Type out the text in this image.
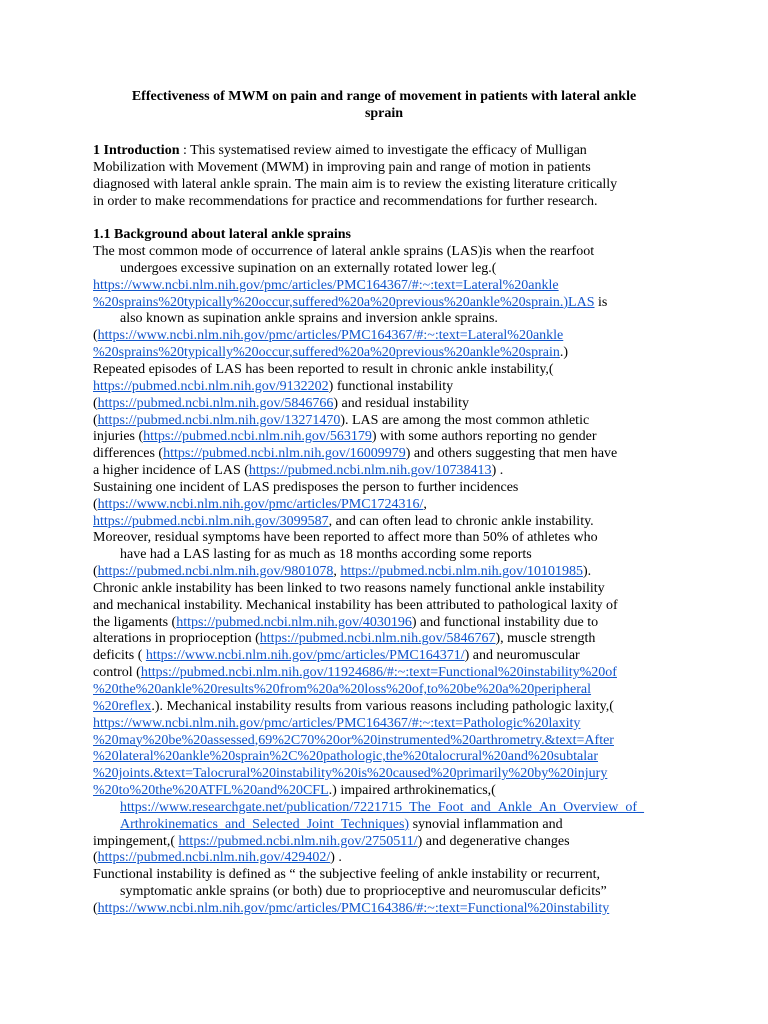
Effectiveness of MWM on pain and range of movement in patients with lateral ankle
sprain
1 Introduction : This systematised review aimed to investigate the efficacy of Mulligan
Mobilization with Movement (MWM) in improving pain and range of motion in patients
diagnosed with lateral ankle sprain. The main aim is to review the existing literature critically
in order to make recommendations for practice and recommendations for further research.
1.1 Background about lateral ankle sprains
The most common mode of occurrence of lateral ankle sprains (LAS)is when the rearfoot
undergoes excessive supination on an externally rotated lower leg.(
https://www.ncbi.nlm.nih.gov/pmc/articles/PMC164367/#:~:text=Lateral%20ankle
%20sprains%20typically%20occur,suffered%20a%20previous%20ankle%20sprain.)LAS is
also known as supination ankle sprains and inversion ankle sprains.
(https://www.ncbi.nlm.nih.gov/pmc/articles/PMC164367/#:~:text=Lateral%20ankle
%20sprains%20typically%20occur,suffered%20a%20previous%20ankle%20sprain.)
Repeated episodes of LAS has been reported to result in chronic ankle instability,(
https://pubmed.ncbi.nlm.nih.gov/9132202) functional instability
(https://pubmed.ncbi.nlm.nih.gov/5846766) and residual instability
(https://pubmed.ncbi.nlm.nih.gov/13271470). LAS are among the most common athletic
injuries (https://pubmed.ncbi.nlm.nih.gov/563179) with some authors reporting no gender
differences (https://pubmed.ncbi.nlm.nih.gov/16009979) and others suggesting that men have
a higher incidence of LAS (https://pubmed.ncbi.nlm.nih.gov/10738413) .
Sustaining one incident of LAS predisposes the person to further incidences
(https://www.ncbi.nlm.nih.gov/pmc/articles/PMC1724316/,
https://pubmed.ncbi.nlm.nih.gov/3099587, and can often lead to chronic ankle instability.
Moreover, residual symptoms have been reported to affect more than 50% of athletes who
have had a LAS lasting for as much as 18 months according some reports
(https://pubmed.ncbi.nlm.nih.gov/9801078, https://pubmed.ncbi.nlm.nih.gov/10101985).
Chronic ankle instability has been linked to two reasons namely functional ankle instability
and mechanical instability. Mechanical instability has been attributed to pathological laxity of
the ligaments (https://pubmed.ncbi.nlm.nih.gov/4030196) and functional instability due to
alterations in proprioception (https://pubmed.ncbi.nlm.nih.gov/5846767), muscle strength
deficits ( https://www.ncbi.nlm.nih.gov/pmc/articles/PMC164371/) and neuromuscular
control (https://pubmed.ncbi.nlm.nih.gov/11924686/#:~:text=Functional%20instability%20of
%20the%20ankle%20results%20from%20a%20loss%20of,to%20be%20a%20peripheral
%20reflex.). Mechanical instability results from various reasons including pathologic laxity,(
https://www.ncbi.nlm.nih.gov/pmc/articles/PMC164367/#:~:text=Pathologic%20laxity
%20may%20be%20assessed,69%2C70%20or%20instrumented%20arthrometry.&text=After
%20lateral%20ankle%20sprain%2C%20pathologic,the%20talocrural%20and%20subtalar
%20joints.&text=Talocrural%20instability%20is%20caused%20primarily%20by%20injury
%20to%20the%20ATFL%20and%20CFL.) impaired arthrokinematics,(
https://www.researchgate.net/publication/7221715_The_Foot_and_Ankle_An_Overview_of_
Arthrokinematics_and_Selected_Joint_Techniques) synovial inflammation and
impingement,( https://pubmed.ncbi.nlm.nih.gov/2750511/) and degenerative changes
(https://pubmed.ncbi.nlm.nih.gov/429402/) .
Functional instability is defined as “ the subjective feeling of ankle instability or recurrent,
symptomatic ankle sprains (or both) due to proprioceptive and neuromuscular deficits”
(https://www.ncbi.nlm.nih.gov/pmc/articles/PMC164386/#:~:text=Functional%20instability
